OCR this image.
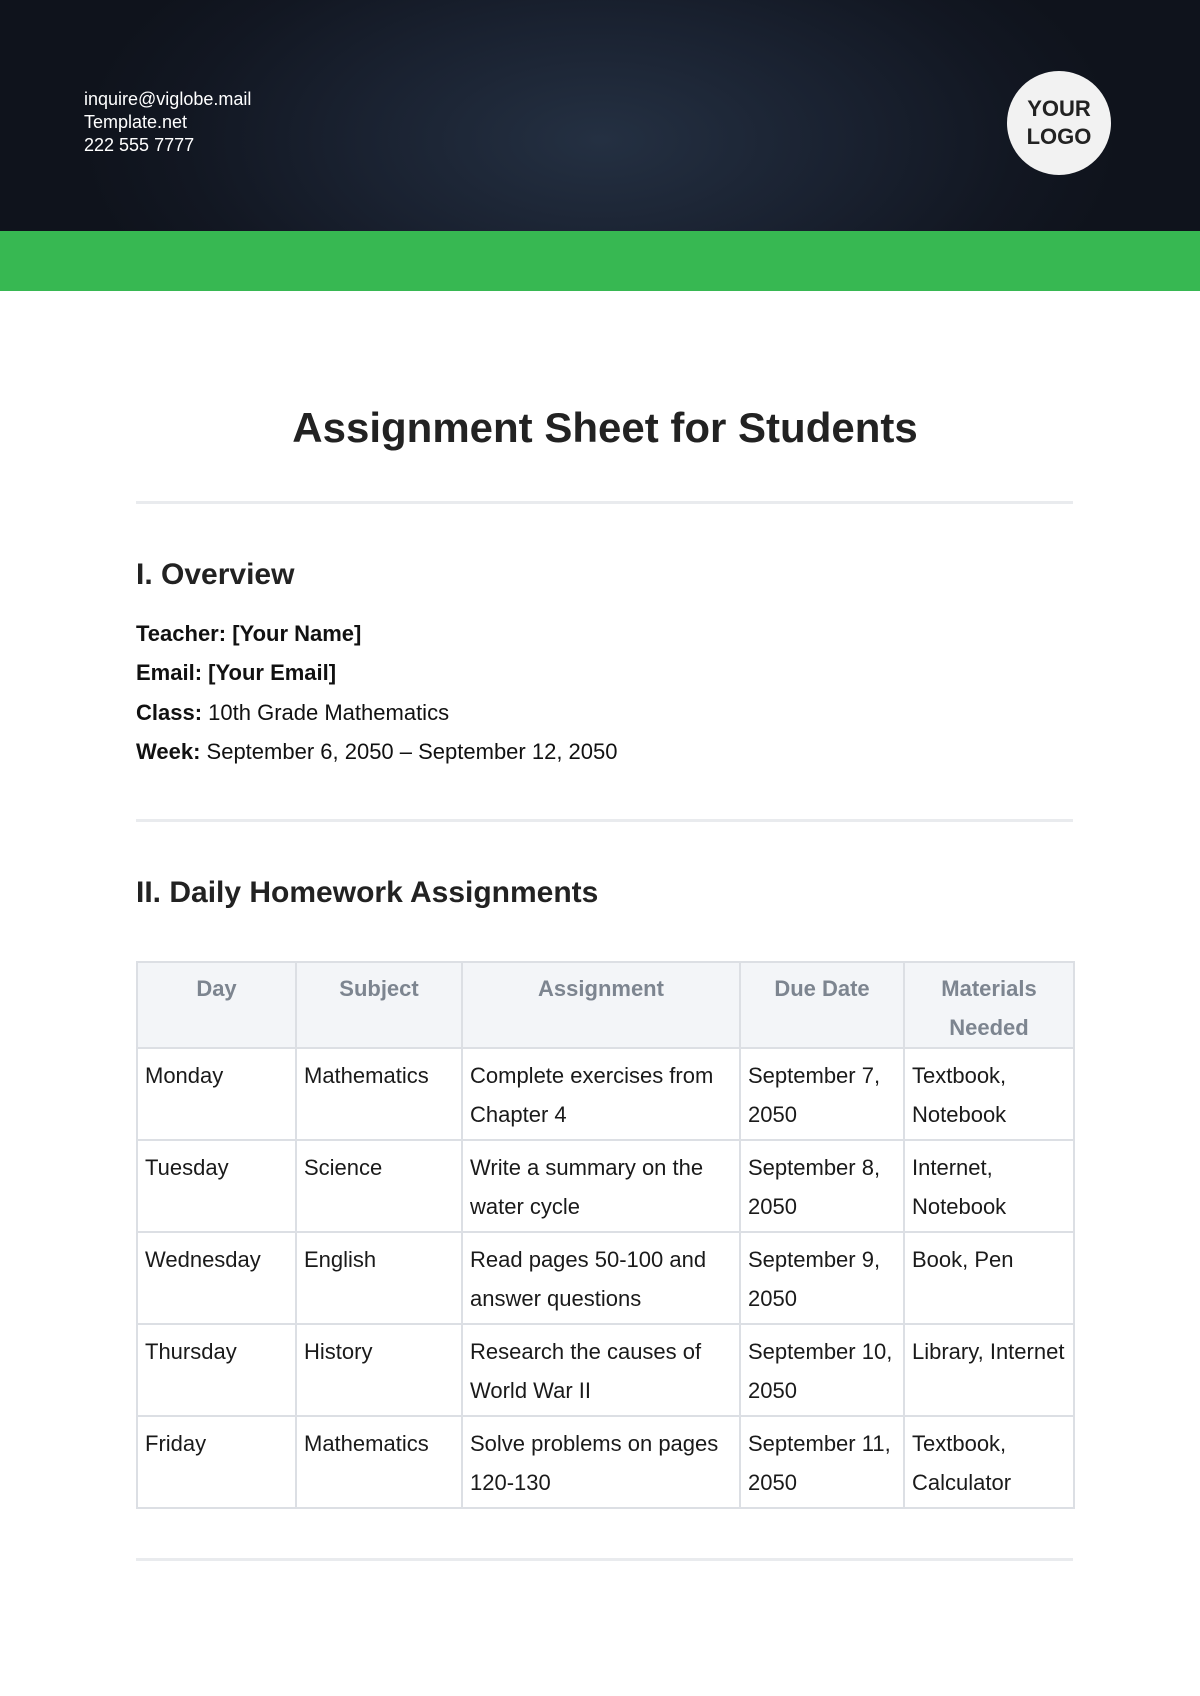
inquire@viglobe.mail
Template.net
222 555 7777
YOUR
LOGO
Assignment Sheet for Students
I. Overview
Teacher: [Your Name]
Email: [Your Email]
Class: 10th Grade Mathematics
Week: September 6, 2050 – September 12, 2050
II. Daily Homework Assignments
Day	Subject	Assignment	Due Date	Materials Needed
Monday	Mathematics	Complete exercises from Chapter 4	September 7, 2050	Textbook, Notebook
Tuesday	Science	Write a summary on the water cycle	September 8, 2050	Internet, Notebook
Wednesday	English	Read pages 50-100 and answer questions	September 9, 2050	Book, Pen
Thursday	History	Research the causes of World War II	September 10, 2050	Library, Internet
Friday	Mathematics	Solve problems on pages 120-130	September 11, 2050	Textbook, Calculator
